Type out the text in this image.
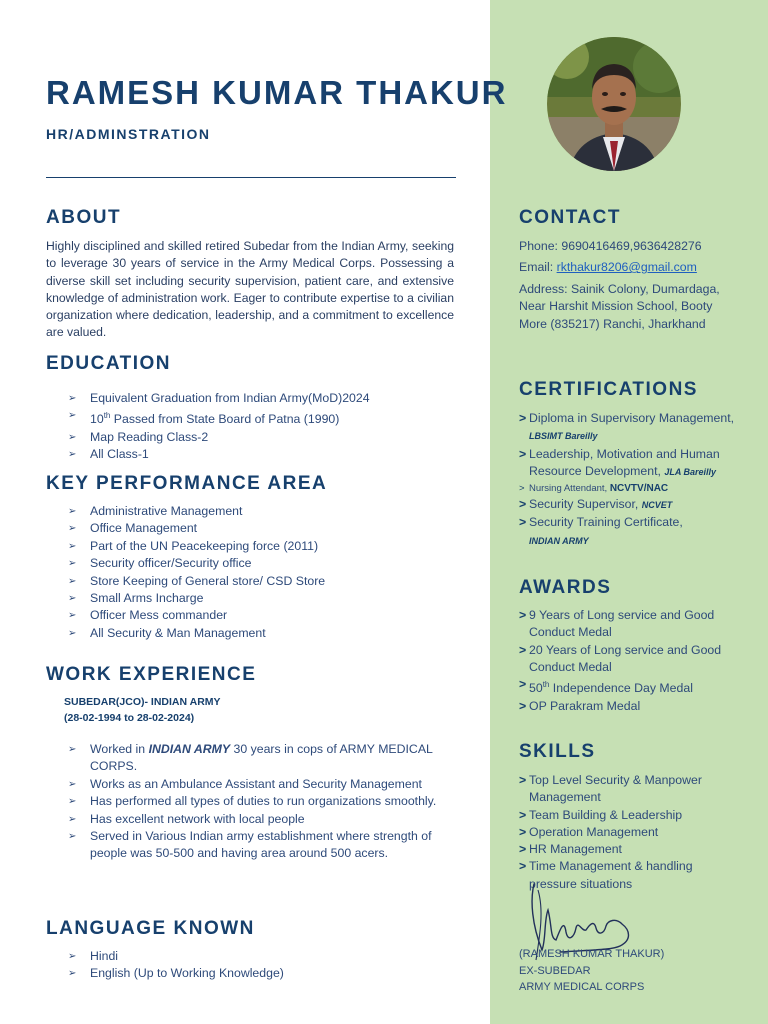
RAMESH KUMAR THAKUR
HR/ADMINSTRATION
ABOUT

Highly disciplined and skilled retired Subedar from the Indian Army, seeking to leverage 30 years of service in the Army Medical Corps. Possessing a diverse skill set including security supervision, patient care, and extensive knowledge of administration work. Eager to contribute expertise to a civilian organization where dedication, leadership, and a commitment to excellence are valued.

EDUCATION
➢ Equivalent Graduation from Indian Army(MoD)2024
➢ 10th Passed from State Board of Patna (1990)
➢ Map Reading Class-2
➢ All Class-1
KEY PERFORMANCE AREA
➢ Administrative Management
➢ Office Management
➢ Part of the UN Peacekeeping force (2011)
➢ Security officer/Security office
➢ Store Keeping of General store/ CSD Store
➢ Small Arms Incharge
➢ Officer Mess commander
➢ All Security & Man Management
WORK EXPERIENCE
SUBEDAR(JCO)- INDIAN ARMY
(28-02-1994 to 28-02-2024)
➢ Worked in INDIAN ARMY 30 years in cops of ARMY MEDICAL CORPS.
➢ Works as an Ambulance Assistant and Security Management
➢ Has performed all types of duties to run organizations smoothly.
➢ Has excellent network with local people
➢ Served in Various Indian army establishment where strength of people was 50-500 and having area around 500 acers.
LANGUAGE KNOWN
➢ Hindi
➢ English (Up to Working Knowledge)
CONTACT

Phone: 9690416469,9636428276

Email: rkthakur8206@gmail.com

Address: Sainik Colony, Dumardaga, Near Harshit Mission School, Booty More (835217) Ranchi, Jharkhand

CERTIFICATIONS
> Diploma in Supervisory Management, LBSIMT Bareilly
> Leadership, Motivation and Human Resource Development, JLA Bareilly
> Nursing Attendant, NCVTV/NAC
> Security Supervisor, NCVET
> Security Training Certificate,
INDIAN ARMY
AWARDS
> 9 Years of Long service and Good Conduct Medal
> 20 Years of Long service and Good Conduct Medal
> 50th Independence Day Medal
> OP Parakram Medal
SKILLS
> Top Level Security & Manpower Management
> Team Building & Leadership
> Operation Management
> HR Management
> Time Management & handling pressure situations
(RAMESH KUMAR THAKUR)
EX-SUBEDAR
ARMY MEDICAL CORPS
